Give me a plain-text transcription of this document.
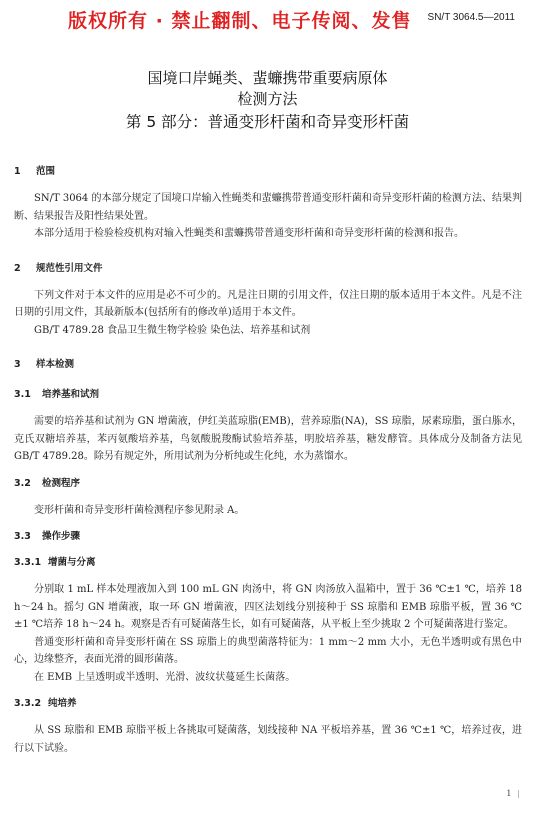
版权所有 · 禁止翻制、电子传阅、发售	SN/T 3064.5—2011
国境口岸蝇类、蜚蠊携带重要病原体
检测方法
第 5 部分：普通变形杆菌和奇异变形杆菌
1 范围

SN/T 3064 的本部分规定了国境口岸输入性蝇类和蜚蠊携带普通变形杆菌和奇异变形杆菌的检测方法、结果判断、结果报告及阳性结果处置。

本部分适用于检验检疫机构对输入性蝇类和蜚蠊携带普通变形杆菌和奇异变形杆菌的检测和报告。

2 规范性引用文件

下列文件对于本文件的应用是必不可少的。凡是注日期的引用文件，仅注日期的版本适用于本文件。凡是不注日期的引用文件，其最新版本(包括所有的修改单)适用于本文件。

GB/T 4789.28 食品卫生微生物学检验 染色法、培养基和试剂

3 样本检测
3.1 培养基和试剂

需要的培养基和试剂为 GN 增菌液，伊红美蓝琼脂(EMB)，营养琼脂(NA)，SS 琼脂，尿素琼脂，蛋白胨水，克氏双糖培养基，苯丙氨酸培养基，鸟氨酸脱羧酶试验培养基，明胶培养基，糖发酵管。具体成分及制备方法见 GB/T 4789.28。除另有规定外，所用试剂为分析纯或生化纯，水为蒸馏水。

3.2 检测程序

变形杆菌和奇异变形杆菌检测程序参见附录 A。

3.3 操作步骤
3.3.1 增菌与分离

分别取 1 mL 样本处理液加入到 100 mL GN 肉汤中，将 GN 肉汤放入温箱中，置于 36 ℃±1 ℃，培养 18 h～24 h。摇匀 GN 增菌液，取一环 GN 增菌液，四区法划线分别接种于 SS 琼脂和 EMB 琼脂平板，置 36 ℃±1 ℃培养 18 h～24 h。观察是否有可疑菌落生长，如有可疑菌落，从平板上至少挑取 2 个可疑菌落进行鉴定。

普通变形杆菌和奇异变形杆菌在 SS 琼脂上的典型菌落特征为：1 mm～2 mm 大小，无色半透明或有黑色中心，边缘整齐，表面光滑的圆形菌落。

在 EMB 上呈透明或半透明、光滑、波纹状蔓延生长菌落。

3.3.2 纯培养

从 SS 琼脂和 EMB 琼脂平板上各挑取可疑菌落，划线接种 NA 平板培养基，置 36 ℃±1 ℃，培养过夜，进行以下试验。

1
